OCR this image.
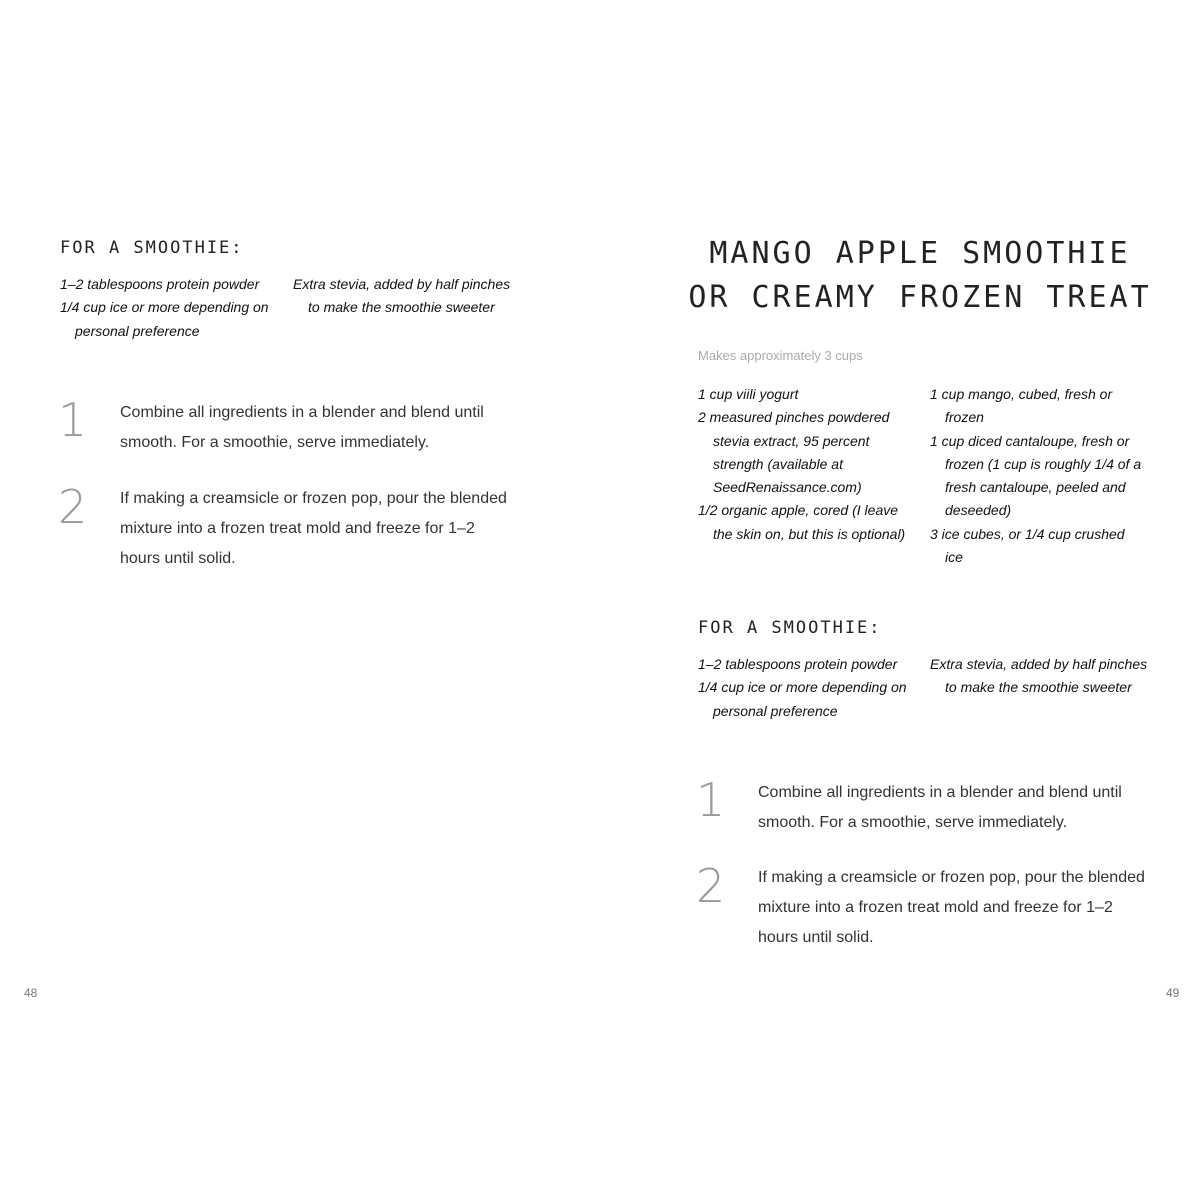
FOR A SMOOTHIE:
1–2 tablespoons protein powder
1/4 cup ice or more depending on personal preference
Extra stevia, added by half pinches to make the smoothie sweeter
1 Combine all ingredients in a blender and blend until smooth. For a smoothie, serve immediately.
2 If making a creamsicle or frozen pop, pour the blended mixture into a frozen treat mold and freeze for 1–2 hours until solid.
48
MANGO APPLE SMOOTHIE
OR CREAMY FROZEN TREAT
Makes approximately 3 cups
1 cup viili yogurt
2 measured pinches powdered stevia extract, 95 percent strength (available at SeedRenaissance.com)
1/2 organic apple, cored (I leave the skin on, but this is optional)
1 cup mango, cubed, fresh or frozen
1 cup diced cantaloupe, fresh or frozen (1 cup is roughly 1/4 of a fresh cantaloupe, peeled and deseeded)
3 ice cubes, or 1/4 cup crushed ice
FOR A SMOOTHIE:
1–2 tablespoons protein powder
1/4 cup ice or more depending on personal preference
Extra stevia, added by half pinches to make the smoothie sweeter
1 Combine all ingredients in a blender and blend until smooth. For a smoothie, serve immediately.
2 If making a creamsicle or frozen pop, pour the blended mixture into a frozen treat mold and freeze for 1–2 hours until solid.
49
